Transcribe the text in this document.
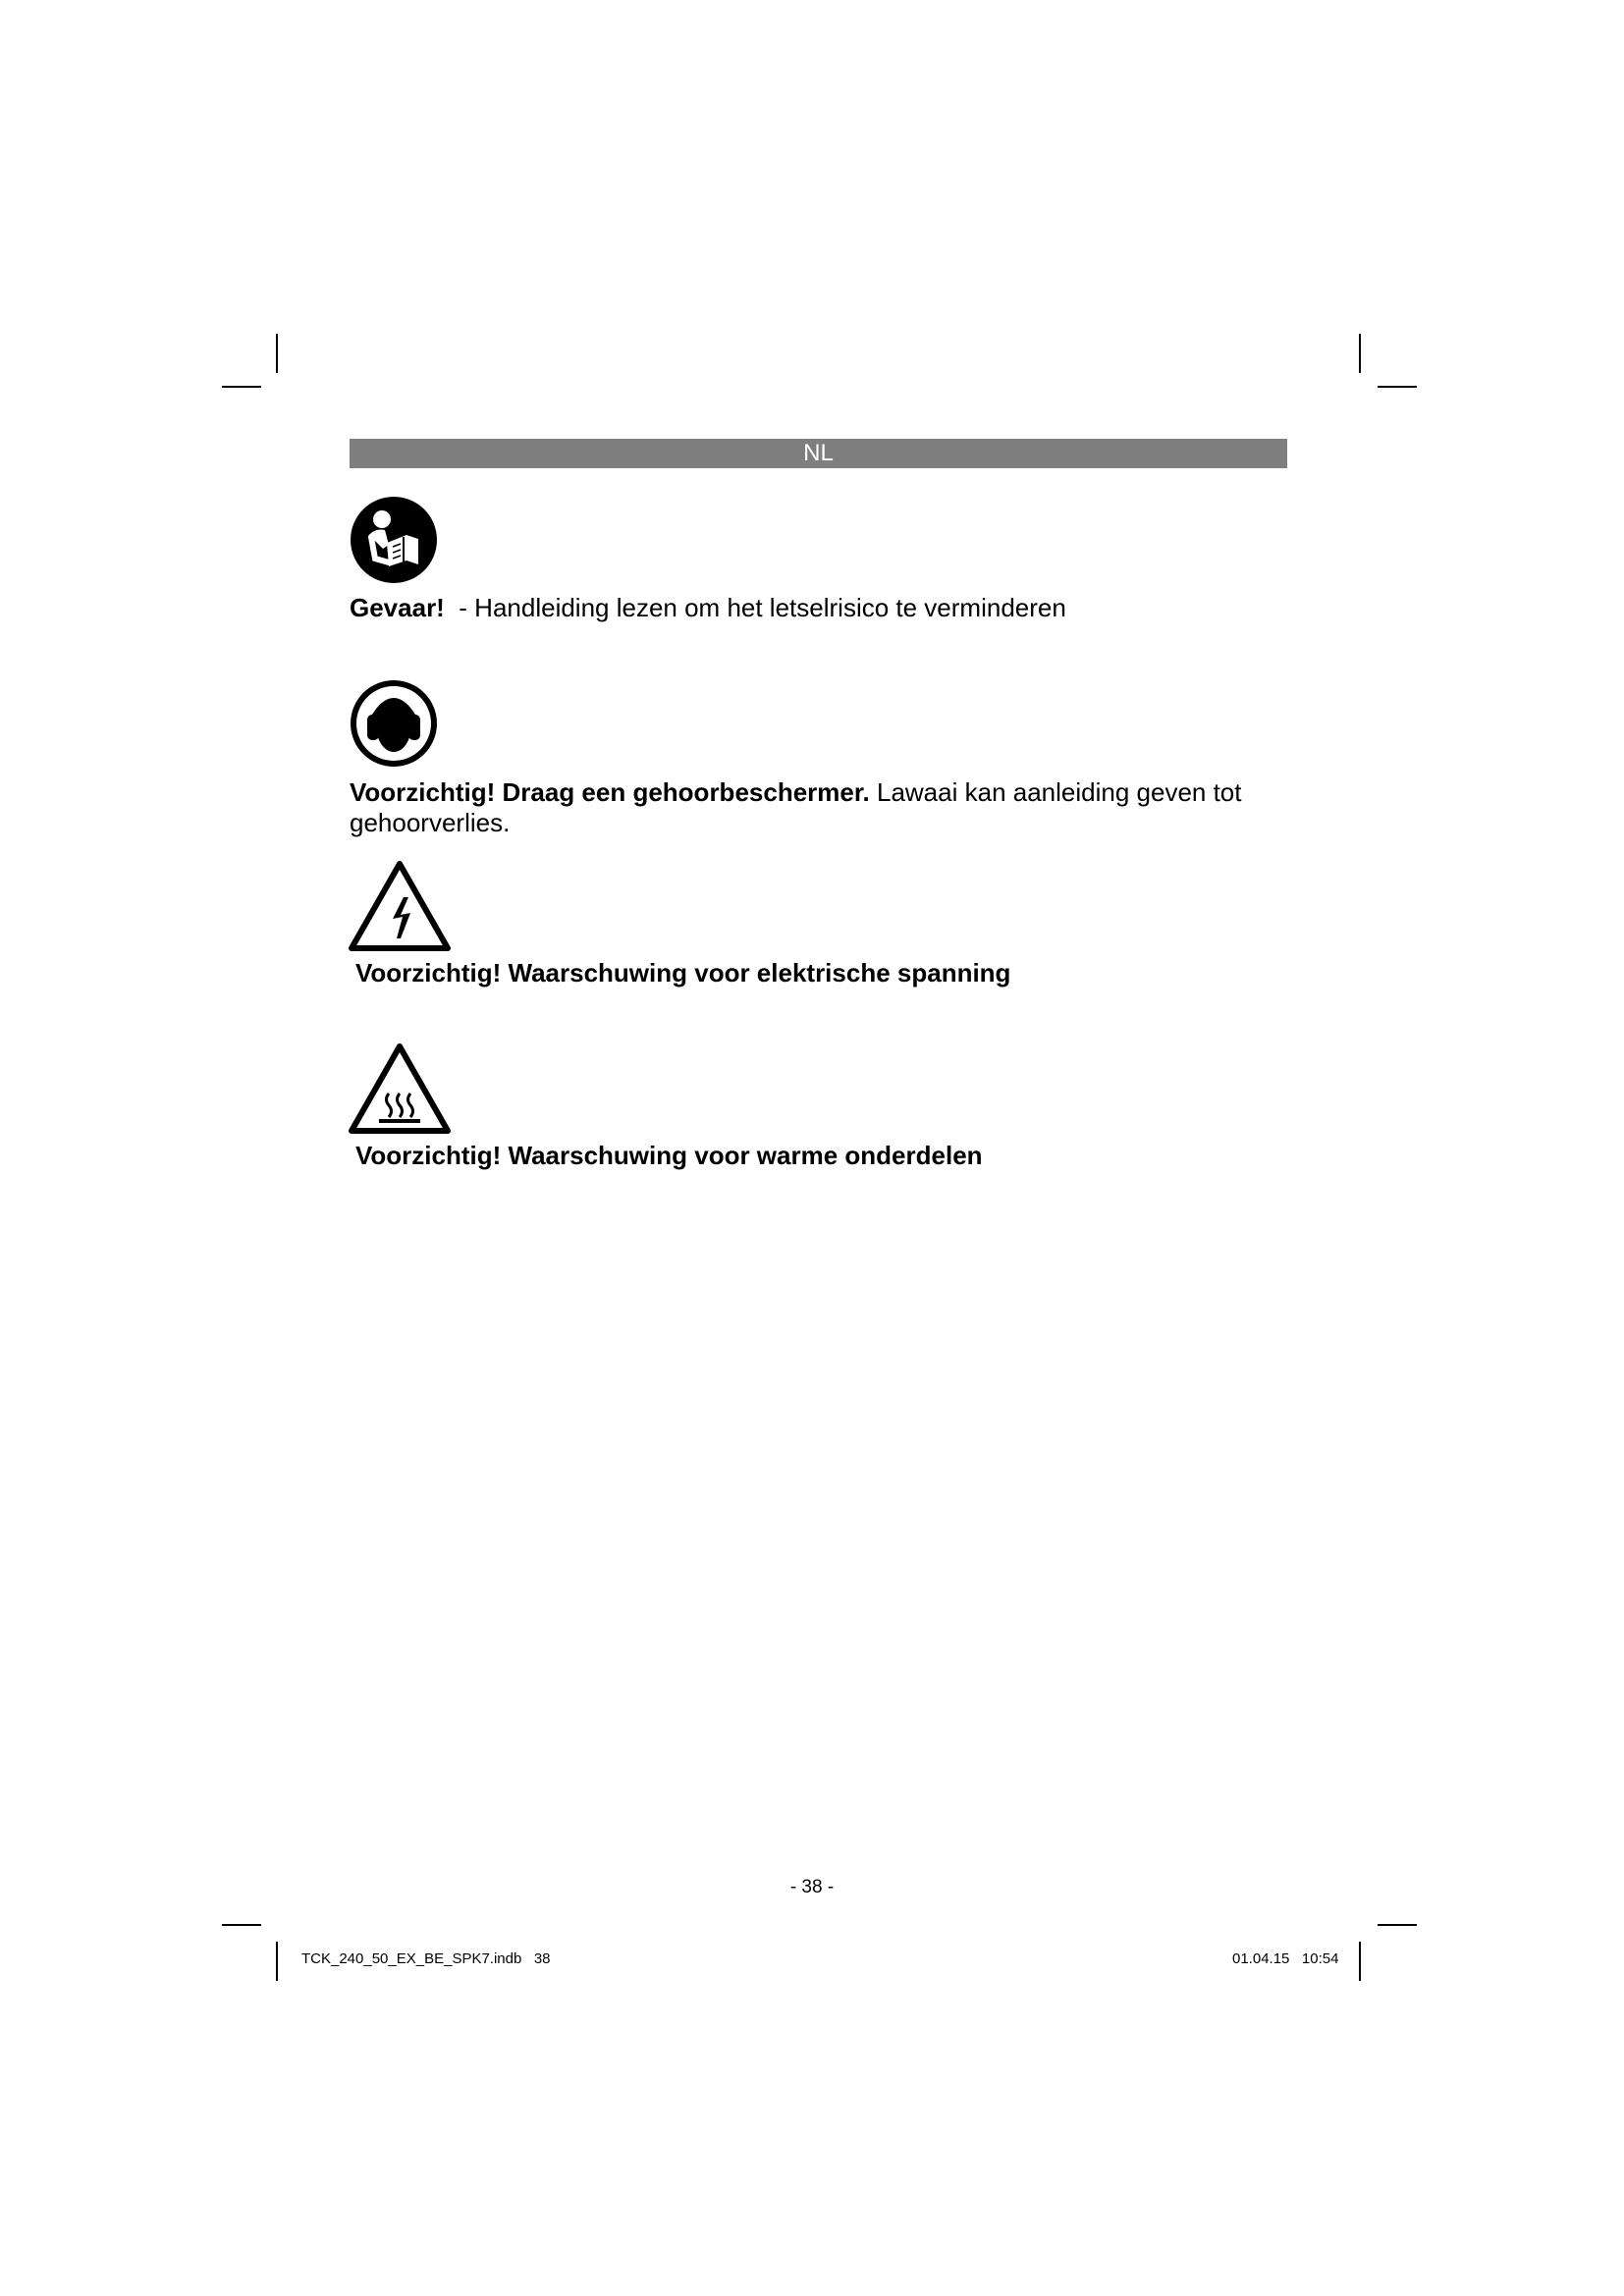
NL
Gevaar!  - Handleiding lezen om het letselrisico te verminderen
Voorzichtig! Draag een gehoorbeschermer. Lawaai kan aanleiding geven tot gehoorverlies.
Voorzichtig! Waarschuwing voor elektrische spanning
Voorzichtig! Waarschuwing voor warme onderdelen
- 38 -
TCK_240_50_EX_BE_SPK7.indb   38	01.04.15   10:54
